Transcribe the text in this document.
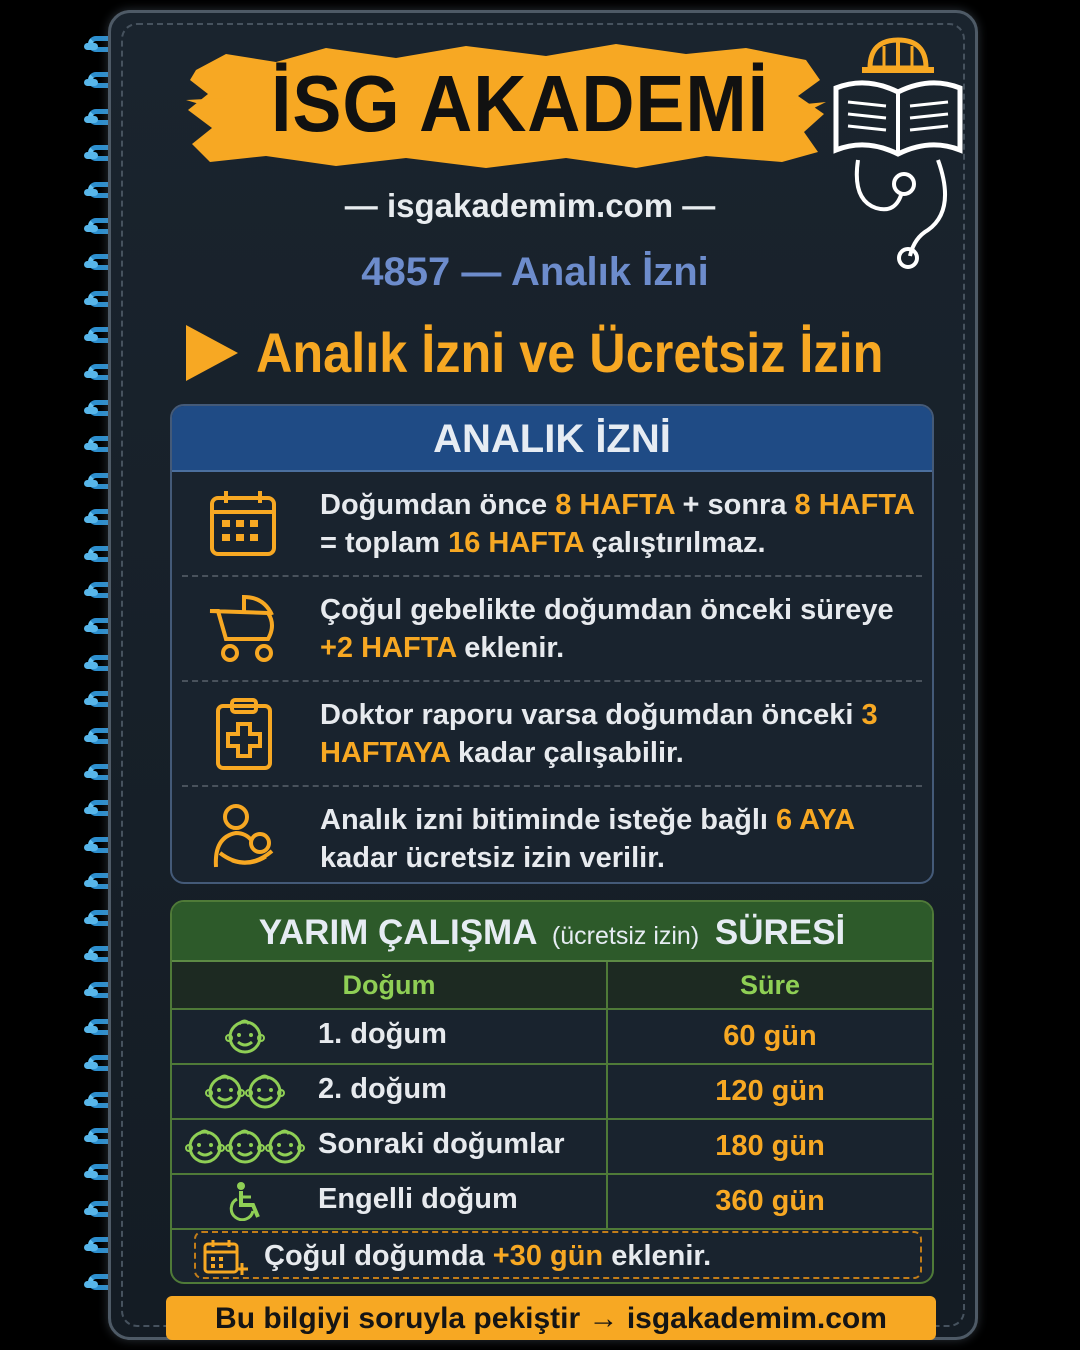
İSG AKADEMİ
— isgakademim.com —
4857 — Analık İzni
Analık İzni ve Ücretsiz İzin
ANALIK İZNİ
Doğumdan önce 8 HAFTA + sonra 8 HAFTA = toplam 16 HAFTA çalıştırılmaz.
Çoğul gebelikte doğumdan önceki süreye +2 HAFTA eklenir.
Doktor raporu varsa doğumdan önceki 3 HAFTAYA kadar çalışabilir.
Analık izni bitiminde isteğe bağlı 6 AYA kadar ücretsiz izin verilir.
YARIM ÇALIŞMA (ücretsiz izin) SÜRESİ
Doğum	Süre

1. doğum	60 gün

2. doğum	120 gün

Sonraki doğumlar	180 gün

Engelli doğum	360 gün
Çoğul doğumda +30 gün eklenir.
Bu bilgiyi soruyla pekiştir → isgakademim.com
